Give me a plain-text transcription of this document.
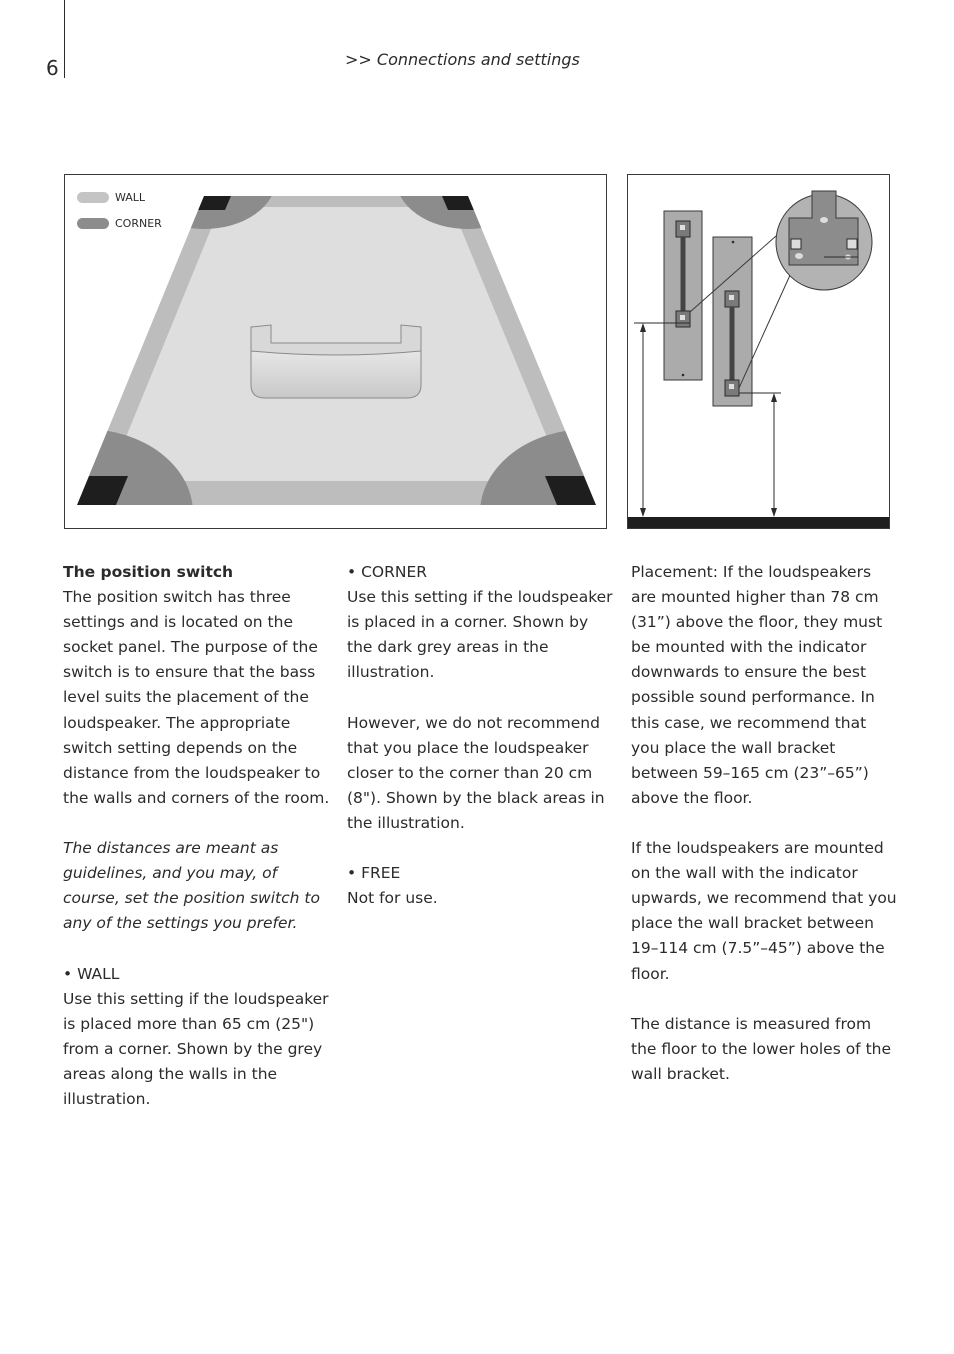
6	>> Connections and settings
WALL
CORNER

The position switch
The position switch has three settings and is located on the socket panel. The purpose of the switch is to ensure that the bass level suits the placement of the loudspeaker. The appropriate switch setting depends on the distance from the loudspeaker to the walls and corners of the room.

The distances are meant as guidelines, and you may, of course, set the position switch to any of the settings you prefer.

• WALL
Use this setting if the loudspeaker is placed more than 65 cm (25") from a corner. Shown by the grey areas along the walls in the illustration.

• CORNER
Use this setting if the loudspeaker is placed in a corner. Shown by the dark grey areas in the illustration.

However, we do not recommend that you place the loudspeaker closer to the corner than 20 cm (8"). Shown by the black areas in the illustration.

• FREE
Not for use.

Placement: If the loudspeakers are mounted higher than 78 cm (31”) above the floor, they must be mounted with the indicator downwards to ensure the best possible sound performance. In this case, we recommend that you place the wall bracket between 59–165 cm (23”–65”) above the floor.

If the loudspeakers are mounted on the wall with the indicator upwards, we recommend that you place the wall bracket between 19–114 cm (7.5”–45”) above the floor.

The distance is measured from the floor to the lower holes of the wall bracket.
